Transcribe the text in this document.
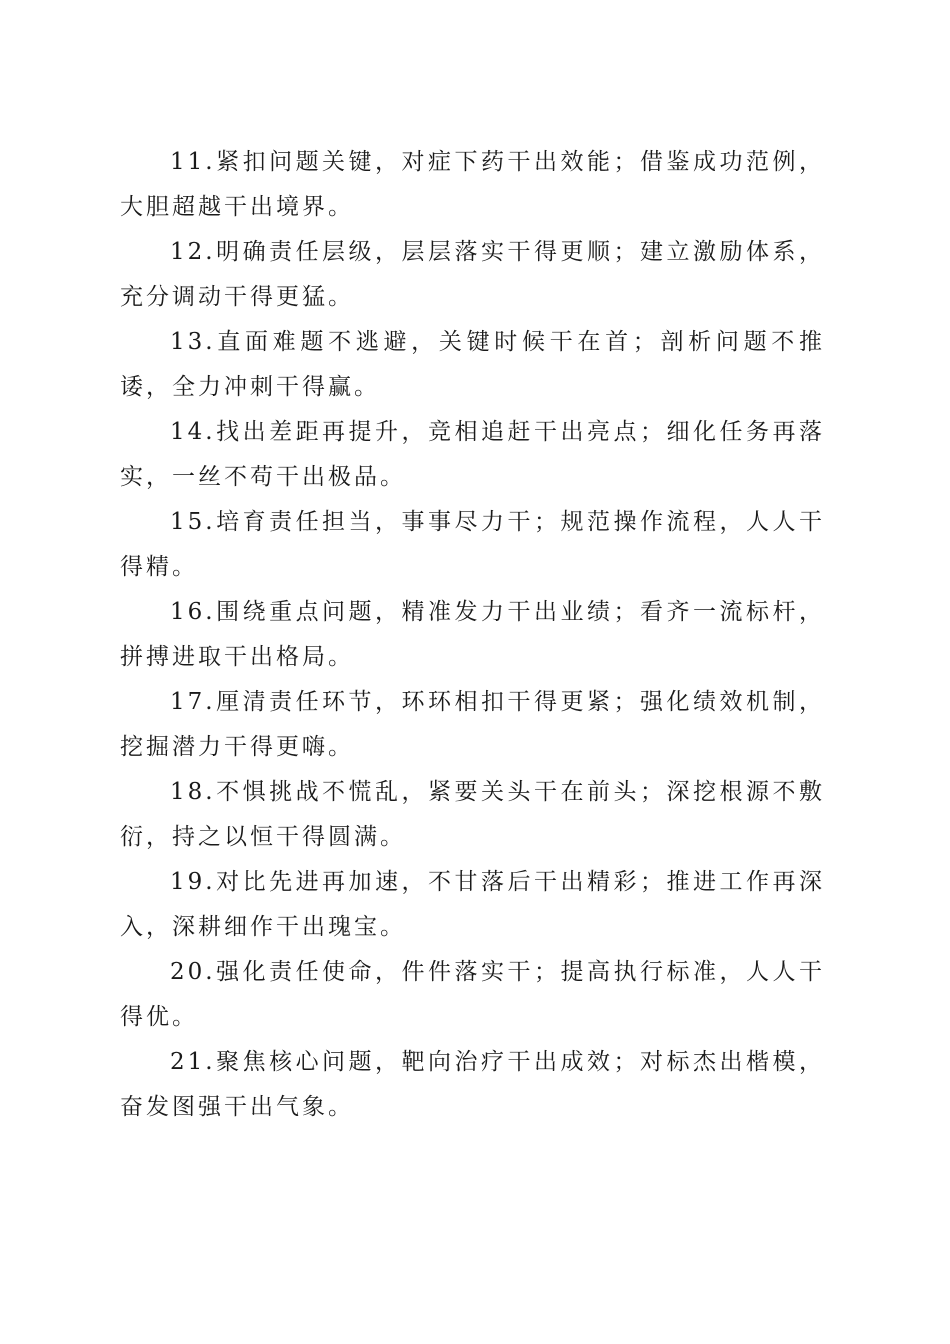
11.紧扣问题关键，对症下药干出效能；借鉴成功范例，大胆超越干出境界。

12.明确责任层级，层层落实干得更顺；建立激励体系，充分调动干得更猛。

13.直面难题不逃避，关键时候干在首；剖析问题不推诿，全力冲刺干得赢。

14.找出差距再提升，竞相追赶干出亮点；细化任务再落实，一丝不苟干出极品。

15.培育责任担当，事事尽力干；规范操作流程，人人干得精。

16.围绕重点问题，精准发力干出业绩；看齐一流标杆，拼搏进取干出格局。

17.厘清责任环节，环环相扣干得更紧；强化绩效机制，挖掘潜力干得更嗨。

18.不惧挑战不慌乱，紧要关头干在前头；深挖根源不敷衍，持之以恒干得圆满。

19.对比先进再加速，不甘落后干出精彩；推进工作再深入，深耕细作干出瑰宝。

20.强化责任使命，件件落实干；提高执行标准，人人干得优。

21.聚焦核心问题，靶向治疗干出成效；对标杰出楷模，奋发图强干出气象。
